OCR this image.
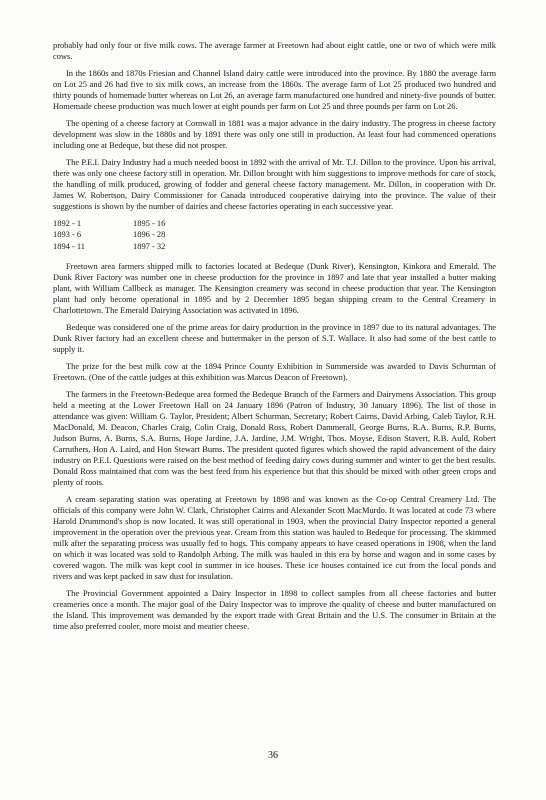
probably had only four or five milk cows. The average farmer at Freetown had about eight cattle, one or two of which were milk cows.

In the 1860s and 1870s Friesian and Channel Island dairy cattle were introduced into the province. By 1880 the average farm on Lot 25 and 26 had five to six milk cows, an increase from the 1860s. The average farm of Lot 25 produced two hundred and thirty pounds of homemade butter whereas on Lot 26, an average farm manufactured one hundred and ninety-five pounds of butter. Homemade cheese production was much lower at eight pounds per farm on Lot 25 and three pounds per farm on Lot 26.

The opening of a cheese factory at Cornwall in 1881 was a major advance in the dairy industry. The progress in cheese factory development was slow in the 1880s and by 1891 there was only one still in production. At least four had commenced operations including one at Bedeque, but these did not prosper.

The P.E.I. Dairy Industry had a much needed boost in 1892 with the arrival of Mr. T.J. Dillon to the province. Upon his arrival, there was only one cheese factory still in operation. Mr. Dillon brought with him suggestions to improve methods for care of stock, the handling of milk produced, growing of fodder and general cheese factory management. Mr. Dillon, in cooperation with Dr. James W. Robertson, Dairy Commissioner for Canada introduced cooperative dairying into the province. The value of their suggestions is shown by the number of dairies and cheese factories operating in each successive year.

1892 - 1	1895 - 16
1893 - 6	1896 - 28
1894 - 11	1897 - 32

Freetown area farmers shipped milk to factories located at Bedeque (Dunk River), Kensington, Kinkora and Emerald. The Dunk River Factory was number one in cheese production for the province in 1897 and late that year installed a butter making plant, with William Callbeck as manager. The Kensington creamery was second in cheese production that year. The Kensington plant had only become operational in 1895 and by 2 December 1895 began shipping cream to the Central Creamery in Charlottetown. The Emerald Dairying Association was activated in 1896.

Bedeque was considered one of the prime areas for dairy production in the province in 1897 due to its natural advantages. The Dunk River factory had an excellent cheese and buttermaker in the person of S.T. Wallace. It also had some of the best cattle to supply it.

The prize for the best milk cow at the 1894 Prince County Exhibition in Summerside was awarded to Davis Schurman of Freetown. (One of the cattle judges at this exhibition was Marcus Deacon of Freetown).

The farmers in the Freetown-Bedeque area formed the Bedeque Branch of the Farmers and Dairymens Association. This group held a meeting at the Lower Freetown Hall on 24 January 1896 (Patron of Industry, 30 January 1896). The list of those in attendance was given: William G. Taylor, President; Albert Schurman, Secretary; Robert Cairns, David Arbing, Caleb Taylor, R.H. MacDonald, M. Deacon, Charles Craig, Colin Craig, Donald Ross, Robert Dammerall, George Burns, R.A. Burns, R.P. Burns, Judson Burns, A. Burns, S.A. Burns, Hope Jardine, J.A. Jardine, J.M. Wright, Thos. Moyse, Edison Stavert, R.B. Auld, Robert Carruthers, Hon A. Laird, and Hon Stewart Burns. The president quoted figures which showed the rapid advancement of the dairy industry on P.E.I. Questions were raised on the best method of feeding dairy cows during summer and winter to get the best results. Donald Ross maintained that corn was the best feed from his experience but that this should be mixed with other green crops and plenty of roots.

A cream separating station was operating at Freetown by 1898 and was known as the Co-op Central Creamery Ltd. The officials of this company were John W. Clark, Christopher Cairns and Alexander Scott MacMurdo. It was located at code 73 where Harold Drummond's shop is now located. It was still operational in 1903, when the provincial Dairy Inspector reported a general improvement in the operation over the previous year. Cream from this station was hauled to Bedeque for processing. The skimmed milk after the separating process was usually fed to hogs. This company appears to have ceased operations in 1908, when the land on which it was located was sold to Randolph Arbing. The milk was hauled in this era by horse and wagon and in some cases by covered wagon. The milk was kept cool in summer in ice houses. These ice houses contained ice cut from the local ponds and rivers and was kept packed in saw dust for insulation.

The Provincial Government appointed a Dairy Inspector in 1898 to collect samples from all cheese factories and butter creameries once a month. The major goal of the Dairy Inspector was to improve the quality of cheese and butter manufactured on the Island. This improvement was demanded by the export trade with Great Britain and the U.S. The consumer in Britain at the time also preferred cooler, more moist and meatier cheese.

36
